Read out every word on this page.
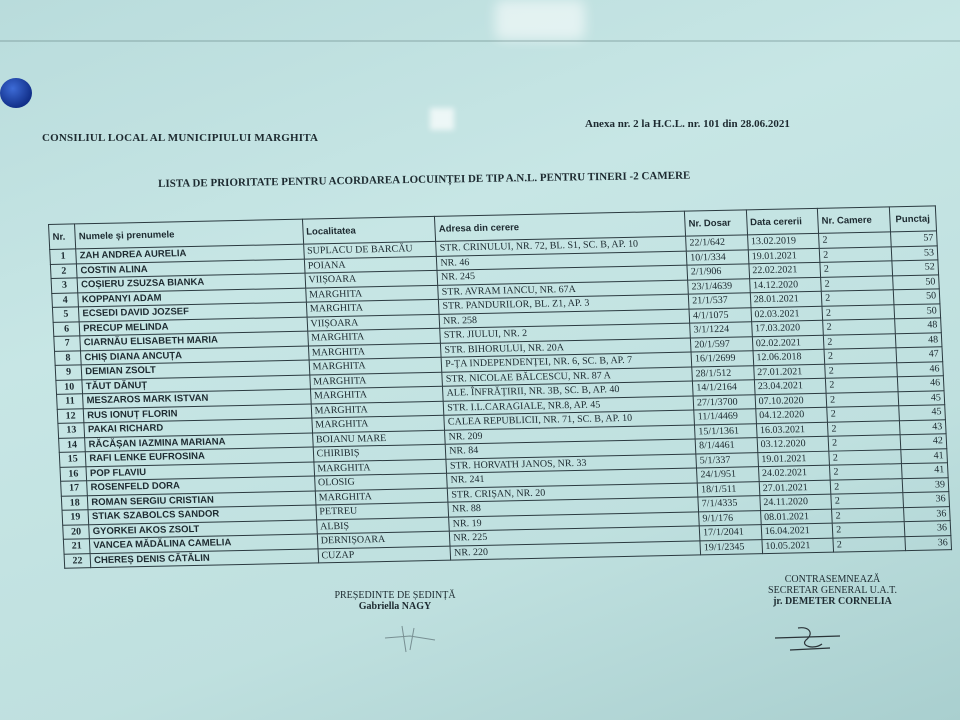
CONSILIUL LOCAL AL MUNICIPIULUI MARGHITA
Anexa nr. 2 la H.C.L. nr. 101 din 28.06.2021
LISTA DE PRIORITATE PENTRU ACORDAREA LOCUINȚEI DE TIP A.N.L. PENTRU TINERI -2 CAMERE
Nr.	Numele și prenumele	Localitatea	Adresa din cerere	Nr. Dosar	Data cererii	Nr. Camere	Punctaj
1	ZAH ANDREA AURELIA	SUPLACU DE BARCĂU	STR. CRINULUI, NR. 72, BL. S1, SC. B, AP. 10	22/1/642	13.02.2019	2	57
2	COSTIN ALINA	POIANA	NR. 46	10/1/334	19.01.2021	2	53
3	COȘIERU ZSUZSA BIANKA	VIIȘOARA	NR. 245	2/1/906	22.02.2021	2	52
4	KOPPANYI ADAM	MARGHITA	STR. AVRAM IANCU, NR. 67A	23/1/4639	14.12.2020	2	50
5	ECSEDI DAVID JOZSEF	MARGHITA	STR. PANDURILOR, BL. Z1, AP. 3	21/1/537	28.01.2021	2	50
6	PRECUP MELINDA	VIIȘOARA	NR. 258	4/1/1075	02.03.2021	2	50
7	CIARNĂU ELISABETH MARIA	MARGHITA	STR. JIULUI, NR. 2	3/1/1224	17.03.2020	2	48
8	CHIȘ DIANA ANCUȚA	MARGHITA	STR. BIHORULUI, NR. 20A	20/1/597	02.02.2021	2	48
9	DEMIAN ZSOLT	MARGHITA	P-ȚA INDEPENDENȚEI, NR. 6, SC. B, AP. 7	16/1/2699	12.06.2018	2	47
10	TĂUT DĂNUȚ	MARGHITA	STR. NICOLAE BĂLCESCU, NR. 87 A	28/1/512	27.01.2021	2	46
11	MESZAROS MARK ISTVAN	MARGHITA	ALE. ÎNFRĂȚIRII, NR. 3B, SC. B, AP. 40	14/1/2164	23.04.2021	2	46
12	RUS IONUȚ FLORIN	MARGHITA	STR. I.L.CARAGIALE, NR.8, AP. 45	27/1/3700	07.10.2020	2	45
13	PAKAI RICHARD	MARGHITA	CALEA REPUBLICII, NR. 71, SC. B, AP. 10	11/1/4469	04.12.2020	2	45
14	RĂCĂȘAN IAZMINA MARIANA	BOIANU MARE	NR. 209	15/1/1361	16.03.2021	2	43
15	RAFI LENKE EUFROSINA	CHIRIBIȘ	NR. 84	8/1/4461	03.12.2020	2	42
16	POP FLAVIU	MARGHITA	STR. HORVATH JANOS, NR. 33	5/1/337	19.01.2021	2	41
17	ROSENFELD DORA	OLOSIG	NR. 241	24/1/951	24.02.2021	2	41
18	ROMAN SERGIU CRISTIAN	MARGHITA	STR. CRIȘAN, NR. 20	18/1/511	27.01.2021	2	39
19	STIAK SZABOLCS SANDOR	PETREU	NR. 88	7/1/4335	24.11.2020	2	36
20	GYORKEI AKOS ZSOLT	ALBIȘ	NR. 19	9/1/176	08.01.2021	2	36
21	VANCEA MĂDĂLINA CAMELIA	DERNIȘOARA	NR. 225	17/1/2041	16.04.2021	2	36
22	CHEREȘ DENIS CĂTĂLIN	CUZAP	NR. 220	19/1/2345	10.05.2021	2	36
PREȘEDINTE DE ȘEDINȚĂ
Gabriella NAGY
CONTRASEMNEAZĂ
SECRETAR GENERAL U.A.T.
jr. DEMETER CORNELIA
